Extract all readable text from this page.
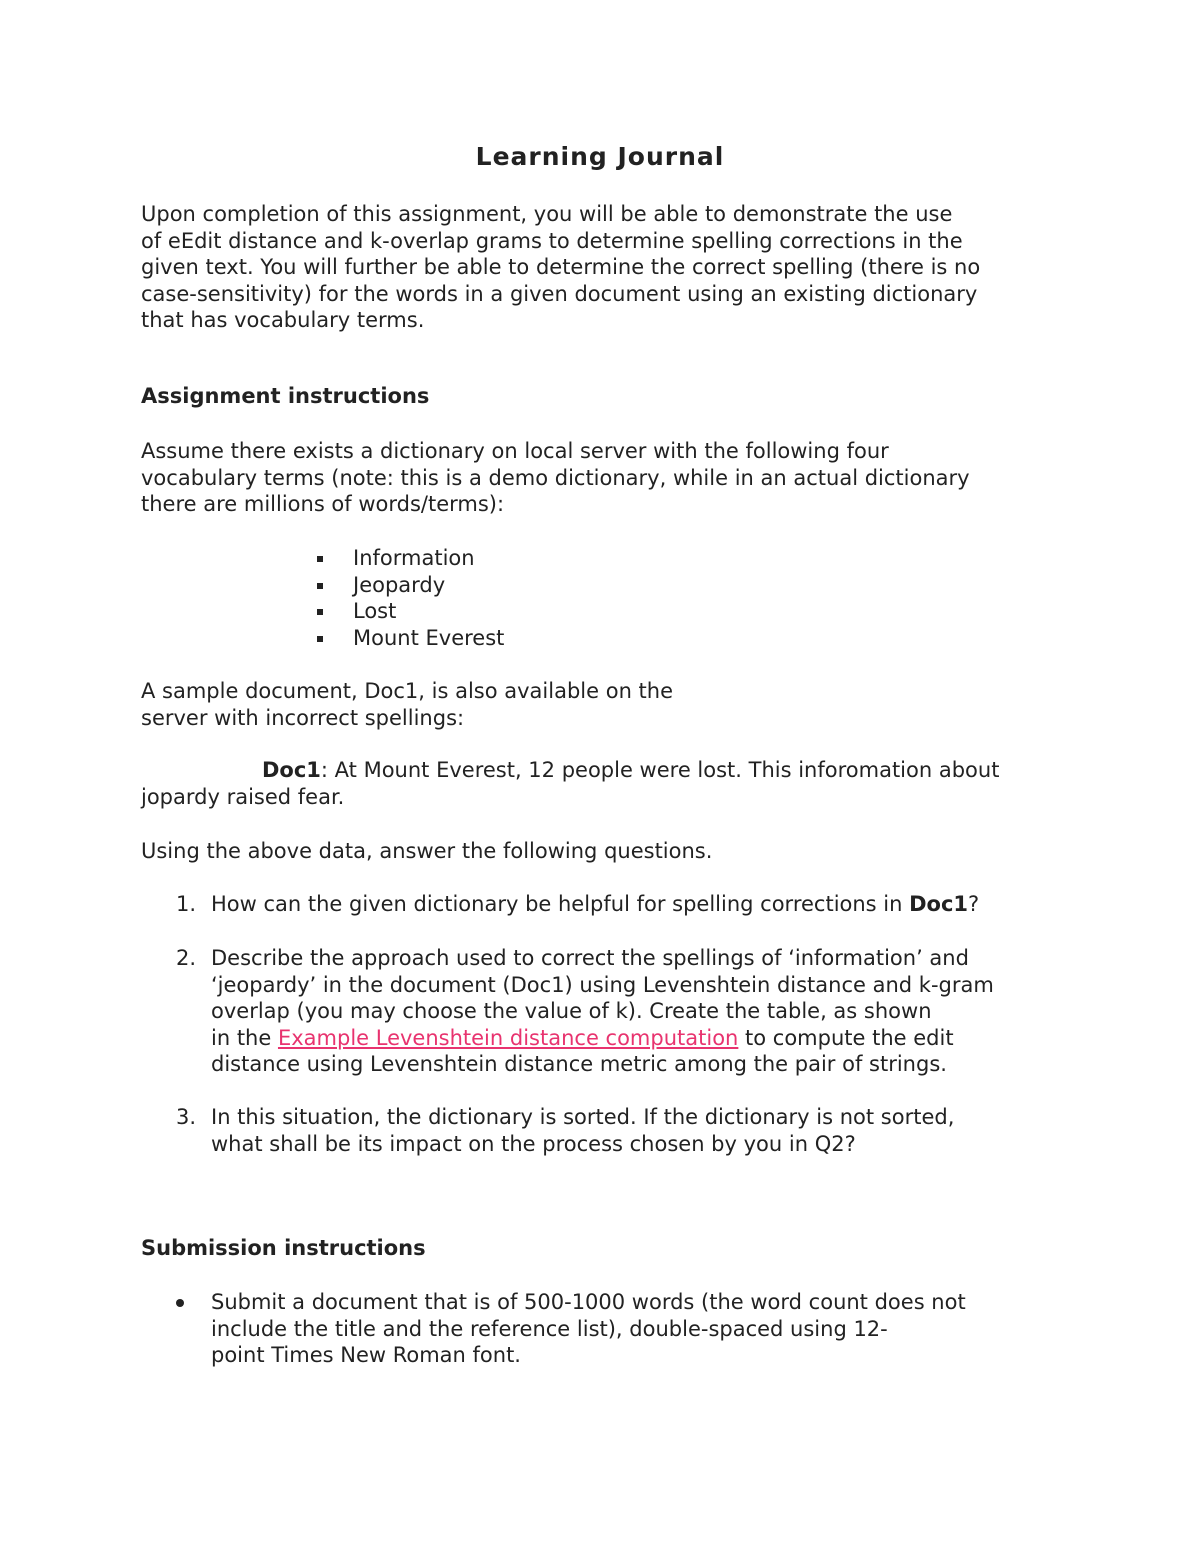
Learning Journal

Upon completion of this assignment, you will be able to demonstrate the use
of eEdit distance and k-overlap grams to determine spelling corrections in the
given text. You will further be able to determine the correct spelling (there is no
case-sensitivity) for the words in a given document using an existing dictionary
that has vocabulary terms.

Assignment instructions

Assume there exists a dictionary on local server with the following four
vocabulary terms (note: this is a demo dictionary, while in an actual dictionary
there are millions of words/terms):

Information
Jeopardy
Lost
Mount Everest

A sample document, Doc1, is also available on the
server with incorrect spellings:

Doc1: At Mount Everest, 12 people were lost. This inforomation about
jopardy raised fear.

Using the above data, answer the following questions.

1. How can the given dictionary be helpful for spelling corrections in Doc1?
2. Describe the approach used to correct the spellings of ‘information’ and
‘jeopardy’ in the document (Doc1) using Levenshtein distance and k-gram
overlap (you may choose the value of k). Create the table, as shown
in the Example Levenshtein distance computation to compute the edit
distance using Levenshtein distance metric among the pair of strings.
3. In this situation, the dictionary is sorted. If the dictionary is not sorted,
what shall be its impact on the process chosen by you in Q2?
Submission instructions
Submit a document that is of 500-1000 words (the word count does not
include the title and the reference list), double-spaced using 12-
point Times New Roman font.
